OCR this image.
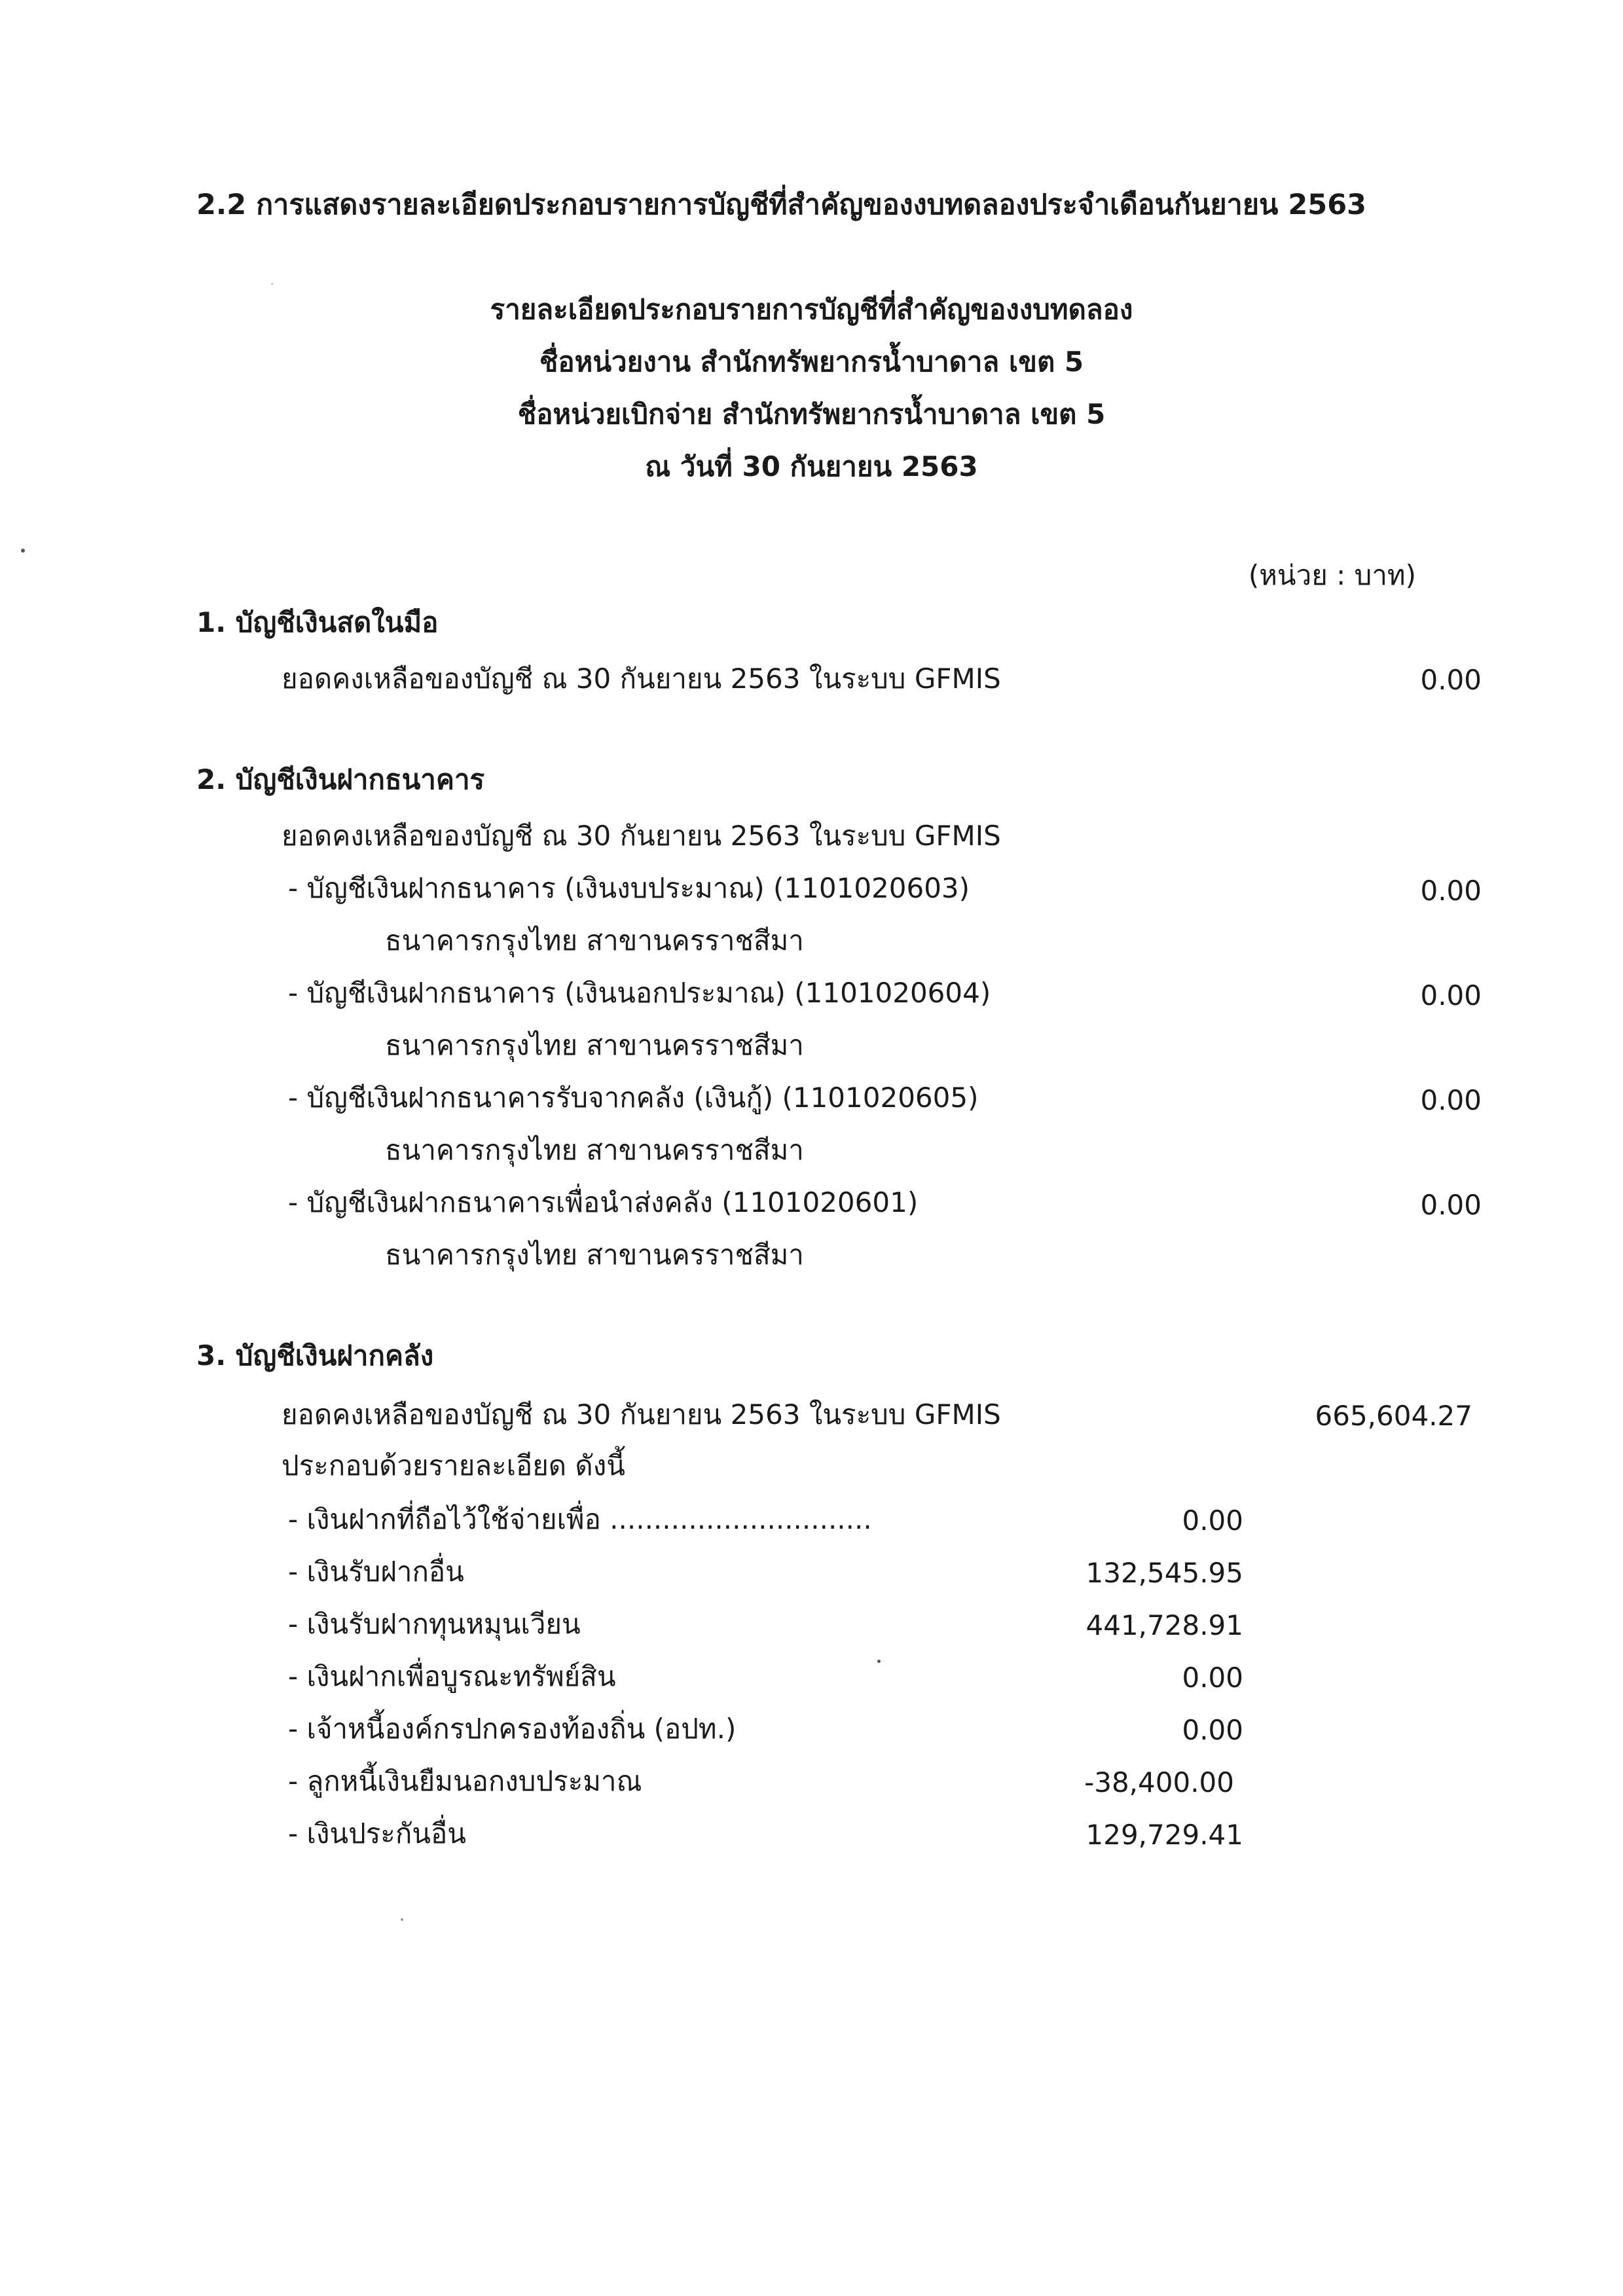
2.2 การแสดงรายละเอียดประกอบรายการบัญชีที่สำคัญของงบทดลองประจำเดือนกันยายน 2563
รายละเอียดประกอบรายการบัญชีที่สำคัญของงบทดลอง
ชื่อหน่วยงาน สำนักทรัพยากรน้ำบาดาล เขต 5
ชื่อหน่วยเบิกจ่าย สำนักทรัพยากรน้ำบาดาล เขต 5
ณ วันที่ 30 กันยายน 2563
(หน่วย : บาท)
1. บัญชีเงินสดในมือ
ยอดคงเหลือของบัญชี ณ 30 กันยายน 2563 ในระบบ GFMIS	0.00
2. บัญชีเงินฝากธนาคาร
ยอดคงเหลือของบัญชี ณ 30 กันยายน 2563 ในระบบ GFMIS
- บัญชีเงินฝากธนาคาร (เงินงบประมาณ) (1101020603)	0.00
ธนาคารกรุงไทย สาขานครราชสีมา
- บัญชีเงินฝากธนาคาร (เงินนอกประมาณ) (1101020604)	0.00
ธนาคารกรุงไทย สาขานครราชสีมา
- บัญชีเงินฝากธนาคารรับจากคลัง (เงินกู้) (1101020605)	0.00
ธนาคารกรุงไทย สาขานครราชสีมา
- บัญชีเงินฝากธนาคารเพื่อนำส่งคลัง (1101020601)	0.00
ธนาคารกรุงไทย สาขานครราชสีมา
3. บัญชีเงินฝากคลัง
ยอดคงเหลือของบัญชี ณ 30 กันยายน 2563 ในระบบ GFMIS	665,604.27
ประกอบด้วยรายละเอียด ดังนี้
- เงินฝากที่ถือไว้ใช้จ่ายเพื่อ ..............................	0.00
- เงินรับฝากอื่น	132,545.95
- เงินรับฝากทุนหมุนเวียน	441,728.91
- เงินฝากเพื่อบูรณะทรัพย์สิน	0.00
- เจ้าหนี้องค์กรปกครองท้องถิ่น (อปท.)	0.00
- ลูกหนี้เงินยืมนอกงบประมาณ	-38,400.00
- เงินประกันอื่น	129,729.41
